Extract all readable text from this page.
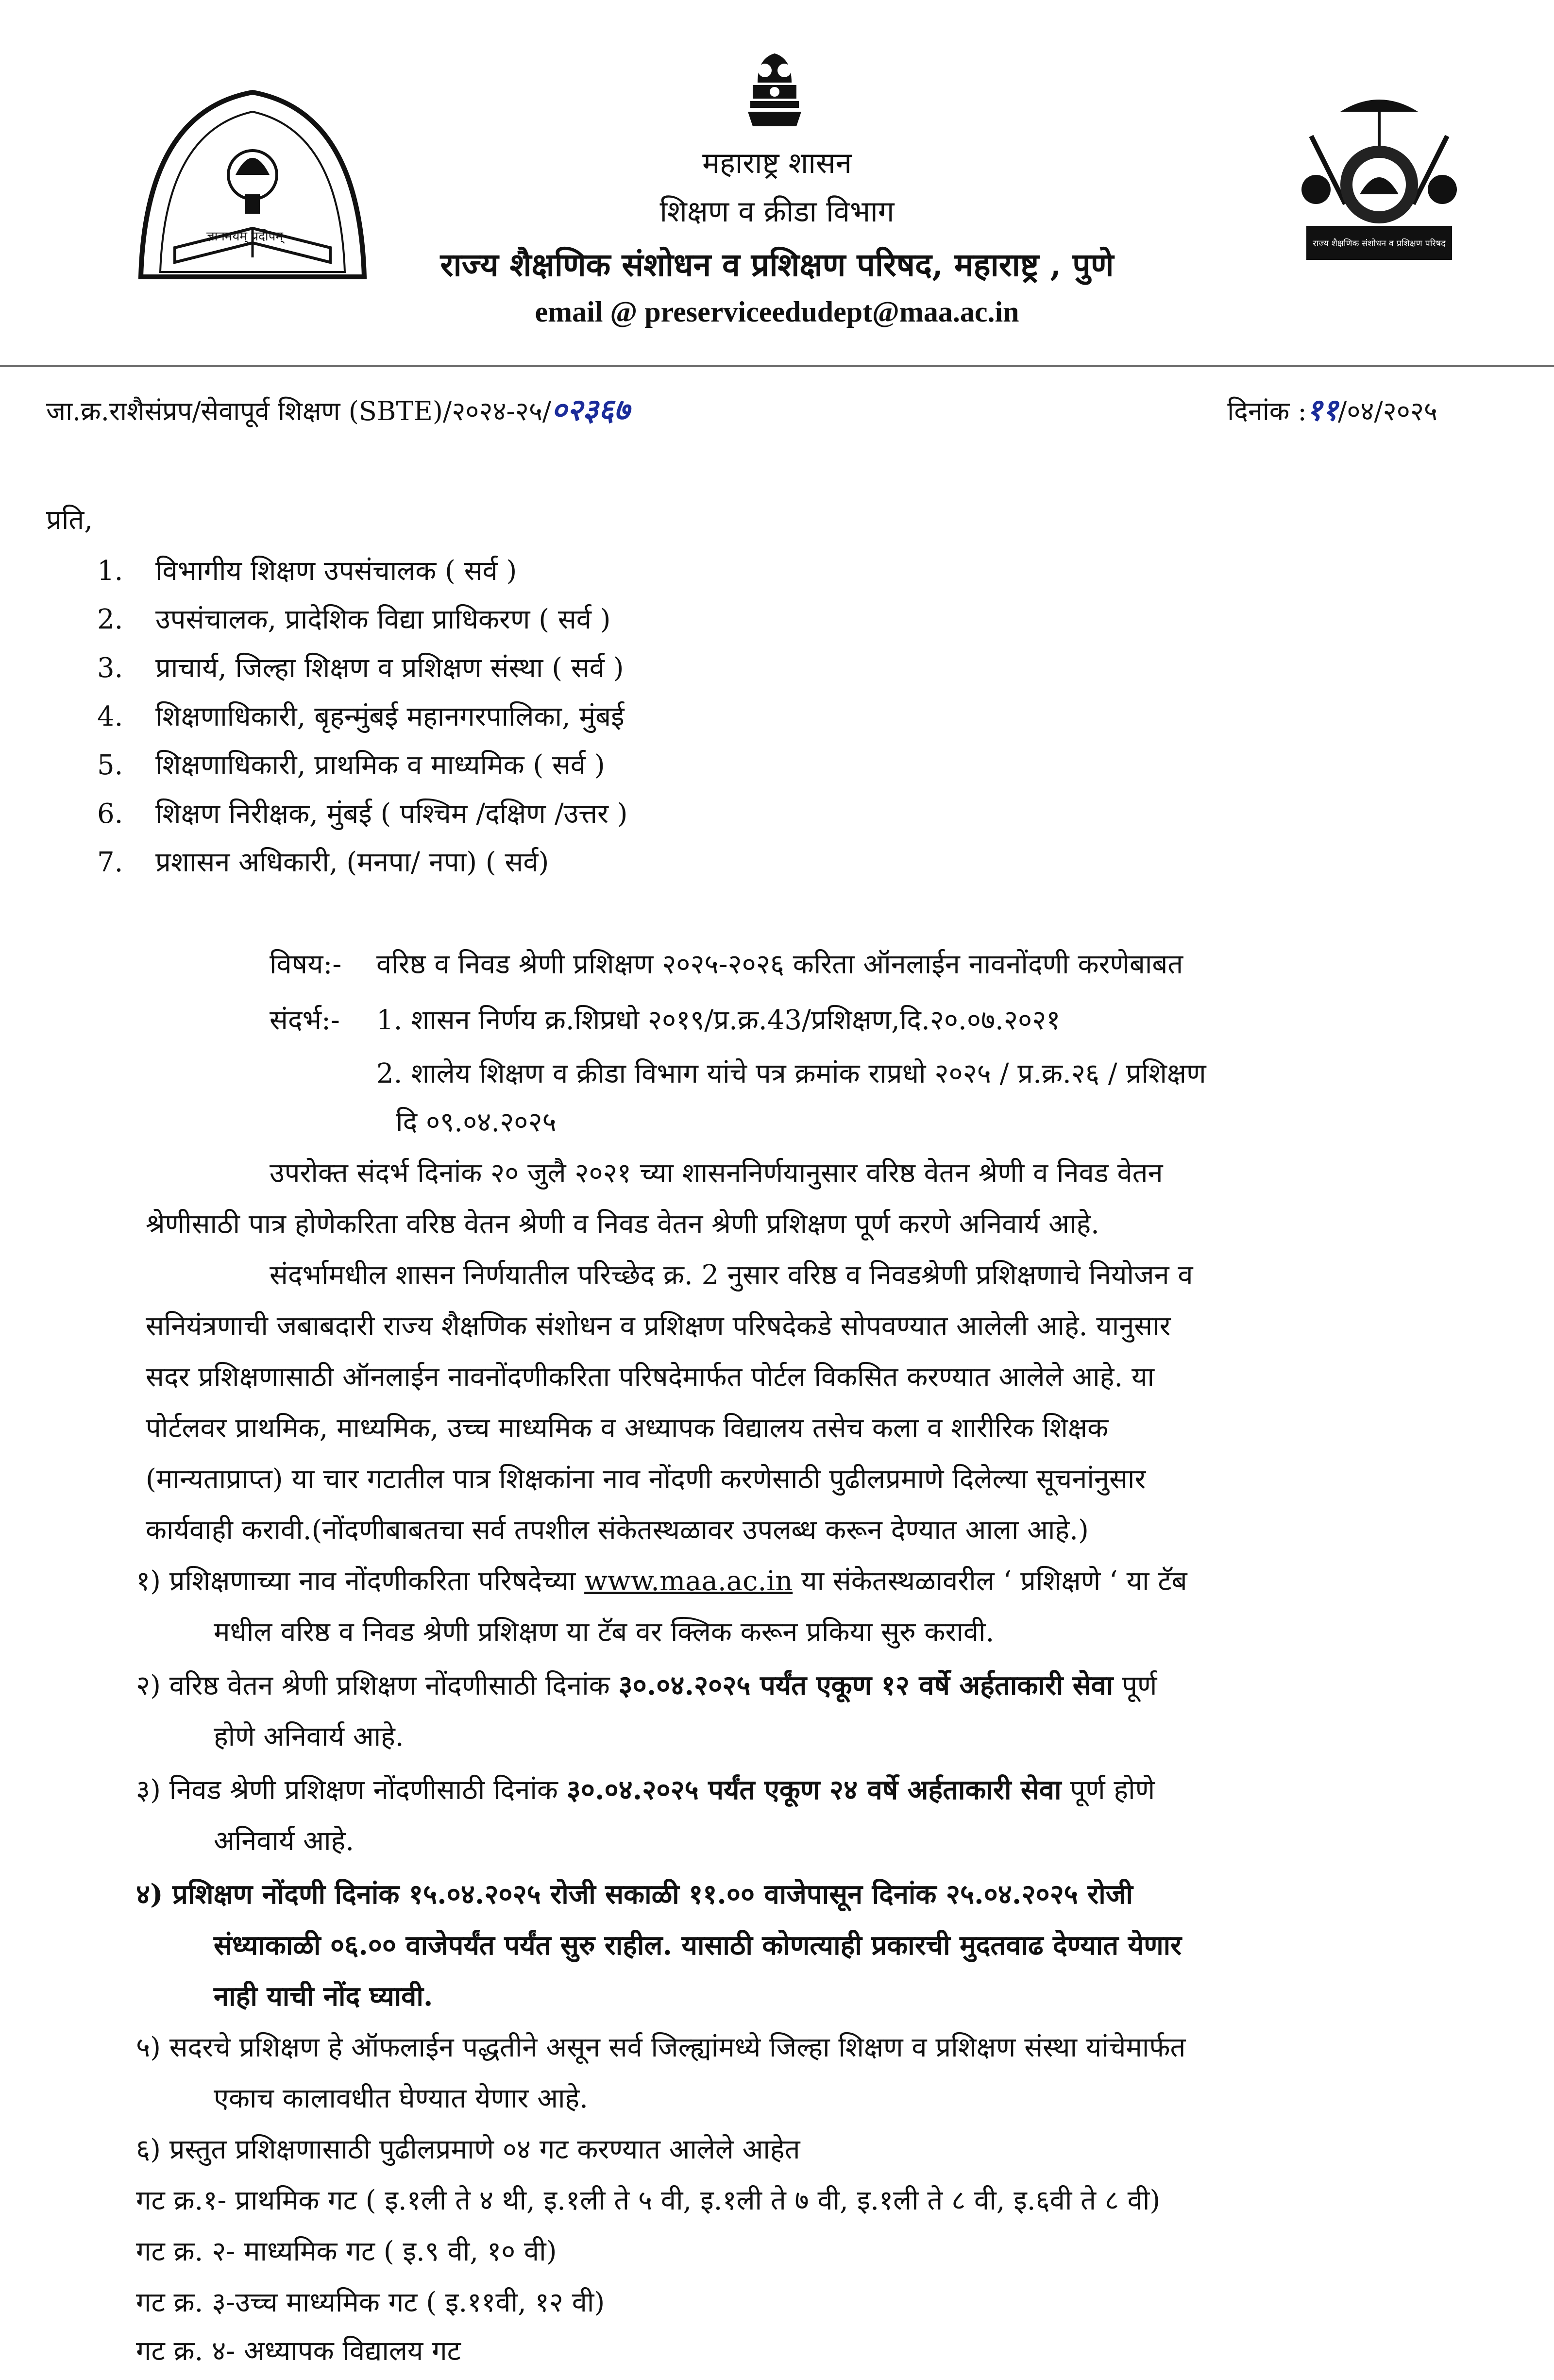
ज्ञानमयम् प्रदीपम्	राज्य शैक्षणिक संशोधन व प्रशिक्षण परिषद
महाराष्ट्र शासन
शिक्षण व क्रीडा विभाग
राज्य शैक्षणिक संशोधन व प्रशिक्षण परिषद, महाराष्ट्र , पुणे
email @ preserviceedudept@maa.ac.in
जा.क्र.राशैसंप्रप/सेवापूर्व शिक्षण (SBTE)/२०२४-२५/०२३६७	दिनांक :११/०४/२०२५
प्रति,
1. विभागीय शिक्षण उपसंचालक ( सर्व )
2. उपसंचालक, प्रादेशिक विद्या प्राधिकरण ( सर्व )
3. प्राचार्य, जिल्हा शिक्षण व प्रशिक्षण संस्था ( सर्व )
4. शिक्षणाधिकारी, बृहन्मुंबई महानगरपालिका, मुंबई
5. शिक्षणाधिकारी, प्राथमिक व माध्यमिक ( सर्व )
6. शिक्षण निरीक्षक, मुंबई ( पश्चिम /दक्षिण /उत्तर )
7. प्रशासन अधिकारी, (मनपा/ नपा) ( सर्व)
विषय:- वरिष्ठ व निवड श्रेणी प्रशिक्षण २०२५-२०२६ करिता ऑनलाईन नावनोंदणी करणेबाबत
संदर्भ:- 1. शासन निर्णय क्र.शिप्रधो २०१९/प्र.क्र.43/प्रशिक्षण,दि.२०.०७.२०२१
2. शालेय शिक्षण व क्रीडा विभाग यांचे पत्र क्रमांक राप्रधो २०२५ / प्र.क्र.२६ / प्रशिक्षण
दि ०९.०४.२०२५
उपरोक्त संदर्भ दिनांक २० जुलै २०२१ च्या शासननिर्णयानुसार वरिष्ठ वेतन श्रेणी व निवड वेतन
श्रेणीसाठी पात्र होणेकरिता वरिष्ठ वेतन श्रेणी व निवड वेतन श्रेणी प्रशिक्षण पूर्ण करणे अनिवार्य आहे.
संदर्भामधील शासन निर्णयातील परिच्छेद क्र. 2 नुसार वरिष्ठ व निवडश्रेणी प्रशिक्षणाचे नियोजन व
सनियंत्रणाची जबाबदारी राज्य शैक्षणिक संशोधन व प्रशिक्षण परिषदेकडे सोपवण्यात आलेली आहे. यानुसार
सदर प्रशिक्षणासाठी ऑनलाईन नावनोंदणीकरिता परिषदेमार्फत पोर्टल विकसित करण्यात आलेले आहे. या
पोर्टलवर प्राथमिक, माध्यमिक, उच्च माध्यमिक व अध्यापक विद्यालय तसेच कला व शारीरिक शिक्षक
(मान्यताप्राप्त) या चार गटातील पात्र शिक्षकांना नाव नोंदणी करणेसाठी पुढीलप्रमाणे दिलेल्या सूचनांनुसार
कार्यवाही करावी.(नोंदणीबाबतचा सर्व तपशील संकेतस्थळावर उपलब्ध करून देण्यात आला आहे.)
१) प्रशिक्षणाच्या नाव नोंदणीकरिता परिषदेच्या www.maa.ac.in या संकेतस्थळावरील ‘ प्रशिक्षणे ‘ या टॅब
मधील वरिष्ठ व निवड श्रेणी प्रशिक्षण या टॅब वर क्लिक करून प्रकिया सुरु करावी.
२) वरिष्ठ वेतन श्रेणी प्रशिक्षण नोंदणीसाठी दिनांक ३०.०४.२०२५ पर्यंत एकूण १२ वर्षे अर्हताकारी सेवा पूर्ण
होणे अनिवार्य आहे.
३) निवड श्रेणी प्रशिक्षण नोंदणीसाठी दिनांक ३०.०४.२०२५ पर्यंत एकूण २४ वर्षे अर्हताकारी सेवा पूर्ण होणे
अनिवार्य आहे.
४) प्रशिक्षण नोंदणी दिनांक १५.०४.२०२५ रोजी सकाळी ११.०० वाजेपासून दिनांक २५.०४.२०२५ रोजी
संध्याकाळी ०६.०० वाजेपर्यंत पर्यंत सुरु राहील. यासाठी कोणत्याही प्रकारची मुदतवाढ देण्यात येणार
नाही याची नोंद घ्यावी.
५) सदरचे प्रशिक्षण हे ऑफलाईन पद्धतीने असून सर्व जिल्ह्यांमध्ये जिल्हा शिक्षण व प्रशिक्षण संस्था यांचेमार्फत
एकाच कालावधीत घेण्यात येणार आहे.
६) प्रस्तुत प्रशिक्षणासाठी पुढीलप्रमाणे ०४ गट करण्यात आलेले आहेत
गट क्र.१- प्राथमिक गट ( इ.१ली ते ४ थी, इ.१ली ते ५ वी, इ.१ली ते ७ वी, इ.१ली ते ८ वी, इ.६वी ते ८ वी)
गट क्र. २- माध्यमिक गट ( इ.९ वी, १० वी)
गट क्र. ३-उच्च माध्यमिक गट ( इ.११वी, १२ वी)
गट क्र. ४- अध्यापक विद्यालय गट
